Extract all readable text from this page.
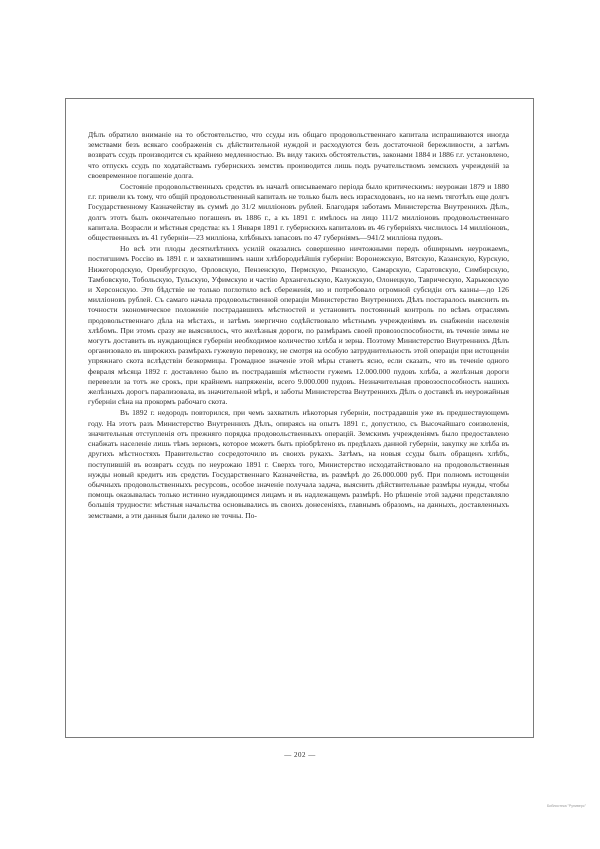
Дѣлъ обратило вниманіе на то обстоятельство, что ссуды изъ общаго продовольственнаго капитала испрашиваются иногда земствами безъ всякаго соображенія съ дѣйствительной нуждой и расходуются безъ достаточной бережливости, а затѣмъ возвратъ ссудъ производится съ крайнею медленностью. Въ виду такихъ обстоятельствъ, законами 1884 и 1886 г.г. установлено, что отпускъ ссудъ по ходатайствамъ губернскихъ земствъ производится лишь подъ ручательствомъ земскихъ учрежденій за своевременное погашеніе долга.

Состояніе продовольственныхъ средствъ въ началѣ описываемаго періода было критическимъ: неурожаи 1879 и 1880 г.г. привели къ тому, что общій продовольственный капиталъ не только былъ весь израсходованъ, но на немъ тяготѣлъ еще долгъ Государственному Казначейству въ суммѣ до 31/2 милліоновъ рублей. Благодаря заботамъ Министерства Внутреннихъ Дѣлъ, долгъ этотъ былъ окончательно погашенъ въ 1886 г., а къ 1891 г. имѣлось на лицо 111/2 милліоновъ продовольственнаго капитала. Возрасли и мѣстныя средства: къ 1 Января 1891 г. губернскихъ капиталовъ въ 46 губерніяхъ числилось 14 милліоновъ, общественныхъ въ 41 губерніи—23 милліона, хлѣбныхъ запасовъ по 47 губерніямъ—941/2 милліона пудовъ.

Но всѣ эти плоды десятилѣтнихъ усилій оказались совершенно ничтожными передъ обширнымъ неурожаемъ, постигшимъ Россію въ 1891 г. и захватившимъ наши хлѣбороднѣйшія губерніи: Воронежскую, Вятскую, Казанскую, Курскую, Нижегородскую, Оренбургскую, Орловскую, Пензенскую, Пермскую, Рязанскую, Самарскую, Саратовскую, Симбирскую, Тамбовскую, Тобольскую, Тульскую, Уфимскую и частію Архангельскую, Калужскую, Олонецкую, Таврическую, Харьковскую и Херсонскую. Это бѣдствіе не только поглотило всѣ сбереженія, но и потребовало огромной субсидіи отъ казны—до 126 милліоновъ рублей. Съ самаго начала продовольственной операціи Министерство Внутреннихъ Дѣлъ постаралось выяснить въ точности экономическое положеніе пострадавшихъ мѣстностей и установить постоянный контроль по всѣмъ отраслямъ продовольственнаго дѣла на мѣстахъ, и затѣмъ энергично содѣйствовало мѣстнымъ учрежденіямъ въ снабженіи населенія хлѣбомъ. При этомъ сразу же выяснилось, что желѣзныя дороги, по размѣрамъ своей провозоспособности, въ теченіе зимы не могутъ доставить въ нуждающіяся губерніи необходимое количество хлѣба и зерна. Поэтому Министерство Внутреннихъ Дѣлъ организовало въ широкихъ размѣрахъ гужевую перевозку, не смотря на особую затруднительность этой операціи при истощеніи упряжнаго скота вслѣдствіи безкормицы. Громадное значеніе этой мѣры станетъ ясно, если сказать, что въ теченіе одного февраля мѣсяца 1892 г. доставлено было въ пострадавшія мѣстности гужемъ 12.000.000 пудовъ хлѣба, а желѣзныя дороги перевезли за тотъ же срокъ, при крайнемъ напряженіи, всего 9.000.000 пудовъ. Незначительная провозоспособность нашихъ желѣзныхъ дорогъ парализовала, въ значительной мѣрѣ, и заботы Министерства Внутреннихъ Дѣлъ о доставкѣ въ неурожайныя губерніи сѣна на прокормъ рабочаго скота.

Въ 1892 г. недородъ повторился, при чемъ захватилъ нѣкоторыя губерніи, пострадавшія уже въ предшествующемъ году. На этотъ разъ Министерство Внутреннихъ Дѣлъ, опираясь на опытъ 1891 г., допустило, съ Высочайшаго соизволенія, значительныя отступленія отъ прежняго порядка продовольственныхъ операцій. Земскимъ учрежденіямъ было предоставлено снабжать населеніе лишь тѣмъ зерномъ, которое можетъ быть пріобрѣтено въ предѣлахъ данной губерніи, закупку же хлѣба въ другихъ мѣстностяхъ Правительство сосредоточило въ своихъ рукахъ. Затѣмъ, на новыя ссуды былъ обращенъ хлѣбъ, поступившій въ возвратъ ссудъ по неурожаю 1891 г. Сверхъ того, Министерство исходатайствовало на продовольственныя нужды новый кредитъ изъ средствъ Государственнаго Казначейства, въ размѣрѣ до 26.000.000 руб. При полномъ истощеніи обычныхъ продовольственныхъ ресурсовъ, особое значеніе получала задача, выяснить дѣйствительные размѣры нужды, чтобы помощь оказывалась только истинно нуждающимся лицамъ и въ надлежащемъ размѣрѣ. Но рѣшеніе этой задачи представляло большія трудности: мѣстныя начальства основывались въ своихъ донесеніяхъ, главнымъ образомъ, на данныхъ, доставленныхъ земствами, а эти данныя были далеко не точны. По-

— 202 —
Библиотека "Руниверс"
